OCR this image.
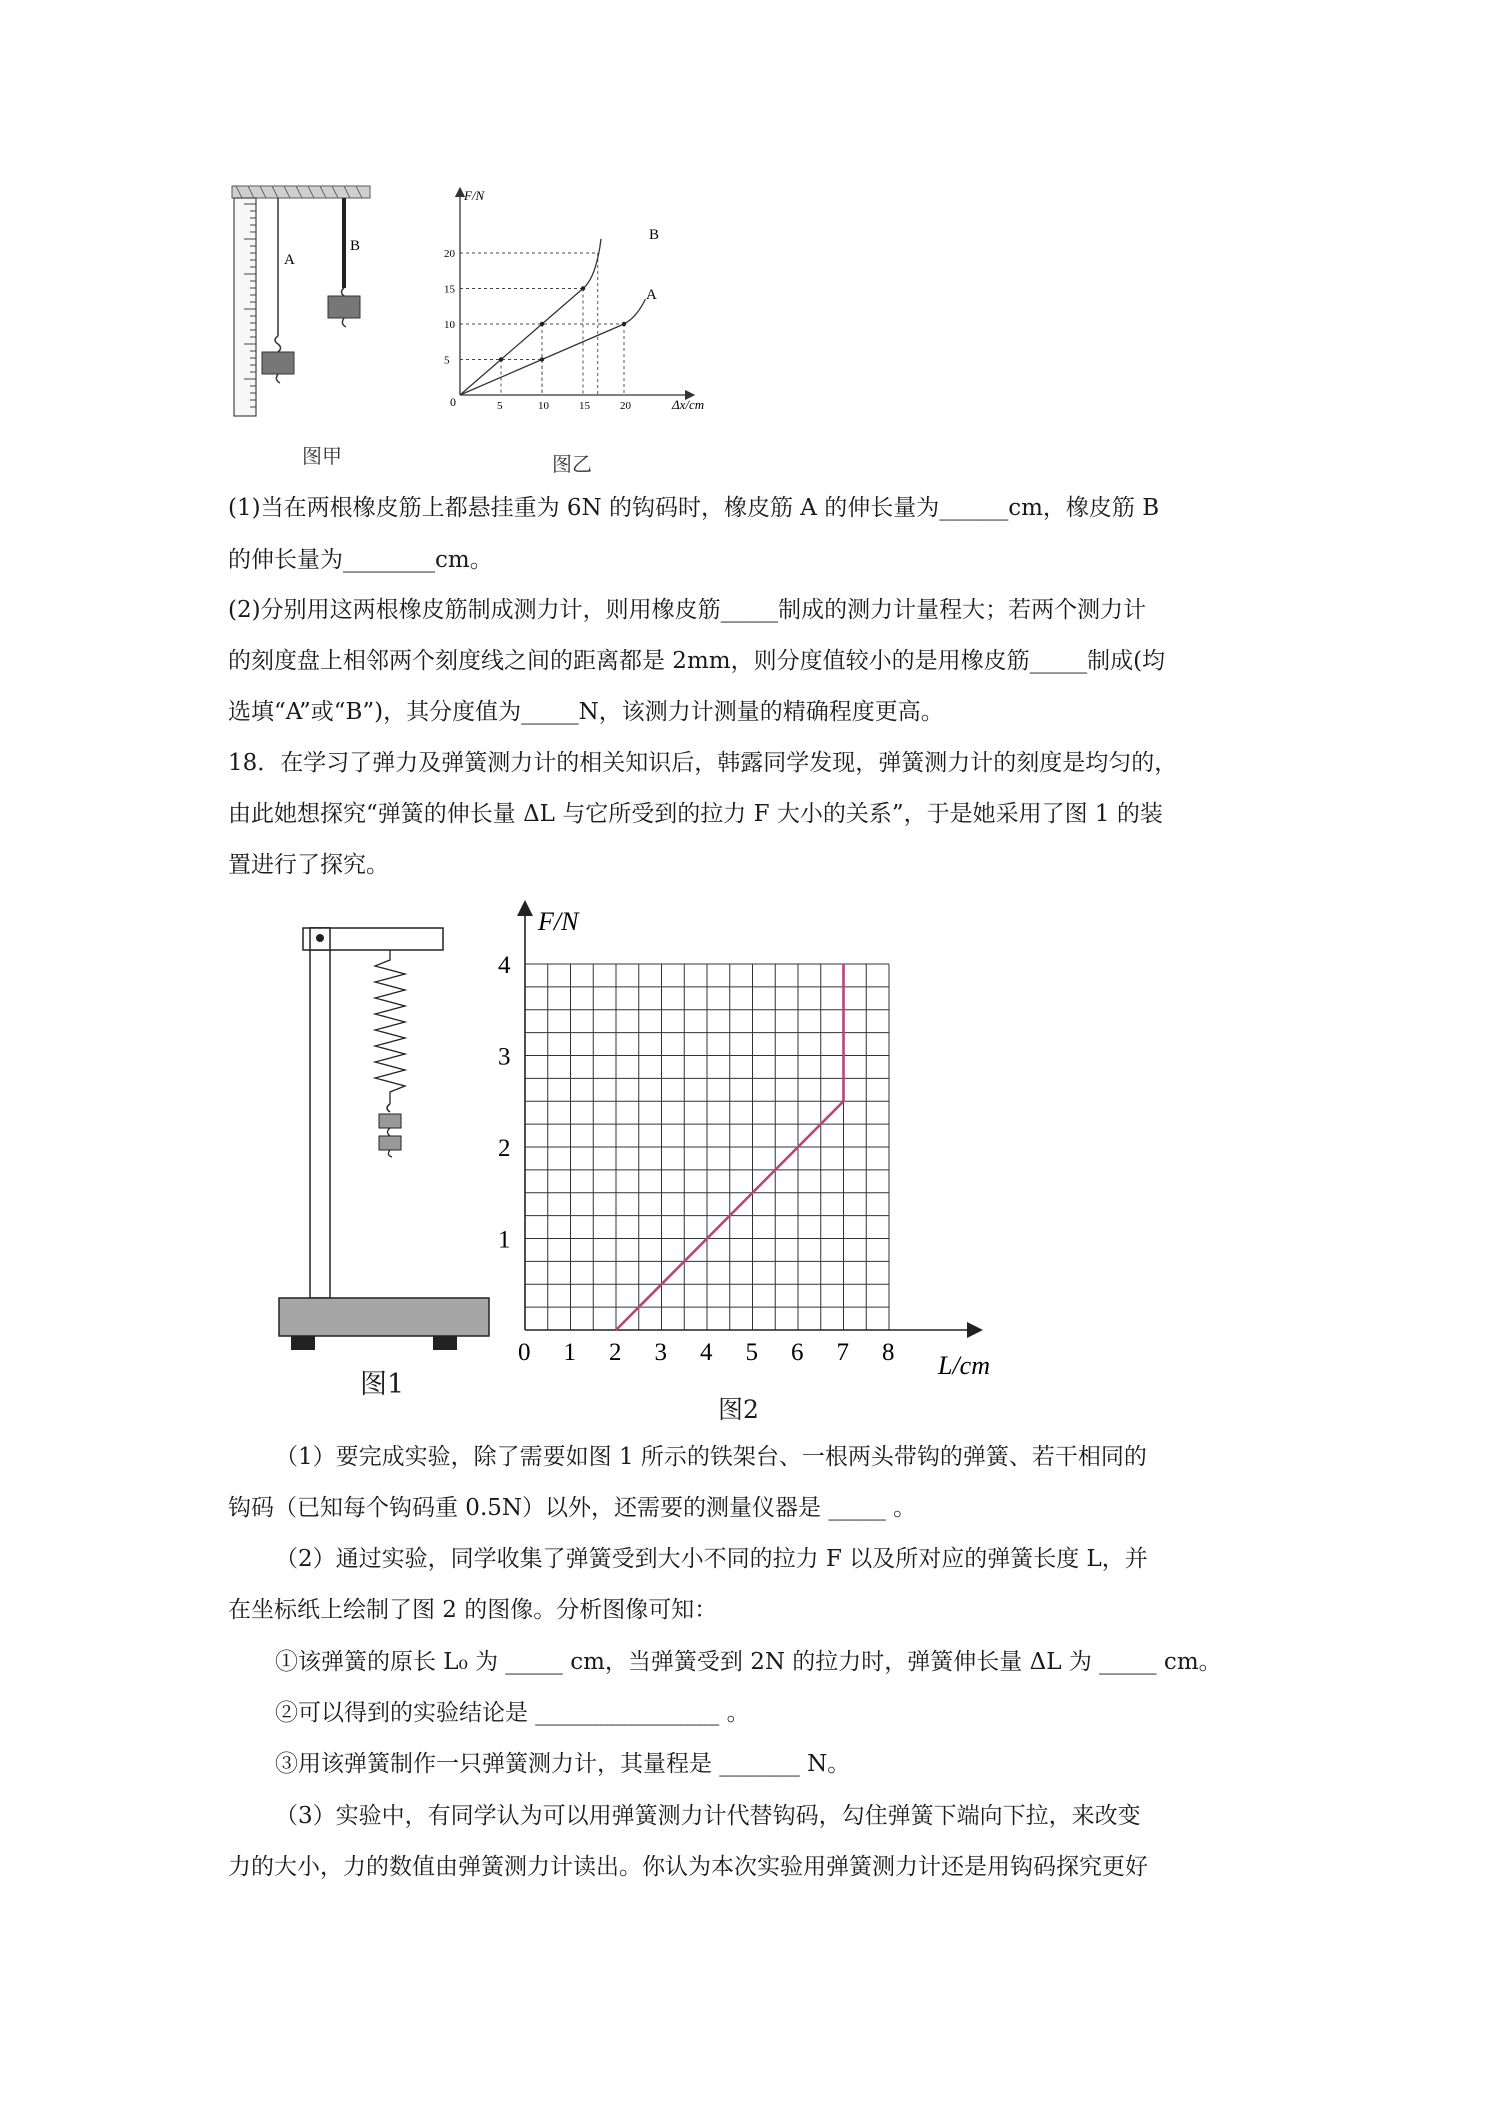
A
B
图甲
5
10
15
20
5	10	15	20
F/N
Δx/cm
0
A
B
图乙
(1)当在两根橡皮筋上都悬挂重为 6N 的钩码时，橡皮筋 A 的伸长量为______cm，橡皮筋 B
的伸长量为________cm。
(2)分别用这两根橡皮筋制成测力计，则用橡皮筋_____制成的测力计量程大；若两个测力计
的刻度盘上相邻两个刻度线之间的距离都是 2mm，则分度值较小的是用橡皮筋_____制成(均
选填“A”或“B”)，其分度值为_____N，该测力计测量的精确程度更高。
18．在学习了弹力及弹簧测力计的相关知识后，韩露同学发现，弹簧测力计的刻度是均匀的，
由此她想探究“弹簧的伸长量 ΔL 与它所受到的拉力 F 大小的关系”，于是她采用了图 1 的装
置进行了探究。
图1
0 1 2 3 4 5 6 7 8
1
2
3
4
F/N
L/cm
图2
（1）要完成实验，除了需要如图 1 所示的铁架台、一根两头带钩的弹簧、若干相同的
钩码（已知每个钩码重 0.5N）以外，还需要的测量仪器是 _____ 。
（2）通过实验，同学收集了弹簧受到大小不同的拉力 F 以及所对应的弹簧长度 L，并
在坐标纸上绘制了图 2 的图像。分析图像可知：
①该弹簧的原长 L₀ 为 _____ cm，当弹簧受到 2N 的拉力时，弹簧伸长量 ΔL 为 _____ cm。
②可以得到的实验结论是 ________________ 。
③用该弹簧制作一只弹簧测力计，其量程是 _______ N。
（3）实验中，有同学认为可以用弹簧测力计代替钩码，勾住弹簧下端向下拉，来改变
力的大小，力的数值由弹簧测力计读出。你认为本次实验用弹簧测力计还是用钩码探究更好
